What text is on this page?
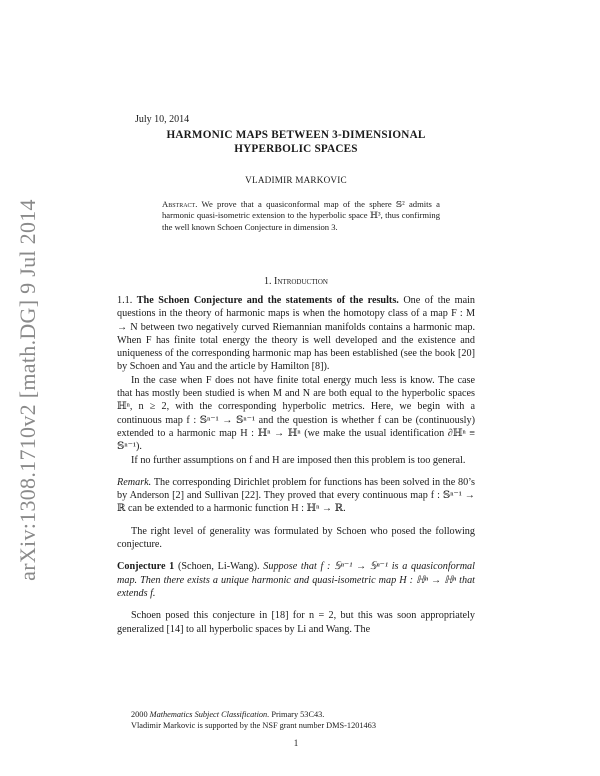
arXiv:1308.1710v2 [math.DG] 9 Jul 2014
July 10, 2014
HARMONIC MAPS BETWEEN 3-DIMENSIONAL
HYPERBOLIC SPACES
VLADIMIR MARKOVIC
Abstract. We prove that a quasiconformal map of the sphere 𝕊² admits a harmonic quasi-isometric extension to the hyperbolic space ℍ³, thus confirming the well known Schoen Conjecture in dimension 3.
1. Introduction

1.1. The Schoen Conjecture and the statements of the results. One of the main questions in the theory of harmonic maps is when the homotopy class of a map F : M → N between two negatively curved Riemannian manifolds contains a harmonic map. When F has finite total energy the theory is well developed and the existence and uniqueness of the corresponding harmonic map has been established (see the book [20] by Schoen and Yau and the article by Hamilton [8]).

In the case when F does not have finite total energy much less is know. The case that has mostly been studied is when M and N are both equal to the hyperbolic spaces ℍⁿ, n ≥ 2, with the corresponding hyperbolic metrics. Here, we begin with a continuous map f : 𝕊ⁿ⁻¹ → 𝕊ⁿ⁻¹ and the question is whether f can be (continuously) extended to a harmonic map H : ℍⁿ → ℍⁿ (we make the usual identification ∂ℍⁿ ≡ 𝕊ⁿ⁻¹).

If no further assumptions on f and H are imposed then this problem is too general.

Remark. The corresponding Dirichlet problem for functions has been solved in the 80’s by Anderson [2] and Sullivan [22]. They proved that every continuous map f : 𝕊ⁿ⁻¹ → ℝ can be extended to a harmonic function H : ℍⁿ → ℝ.

The right level of generality was formulated by Schoen who posed the following conjecture.

Conjecture 1 (Schoen, Li-Wang). Suppose that f : 𝕊ⁿ⁻¹ → 𝕊ⁿ⁻¹ is a quasiconformal map. Then there exists a unique harmonic and quasi-isometric map H : ℍⁿ → ℍⁿ that extends f.

Schoen posed this conjecture in [18] for n = 2, but this was soon appropriately generalized [14] to all hyperbolic spaces by Li and Wang. The

2000 Mathematics Subject Classification. Primary 53C43.

Vladimir Markovic is supported by the NSF grant number DMS-1201463

1
